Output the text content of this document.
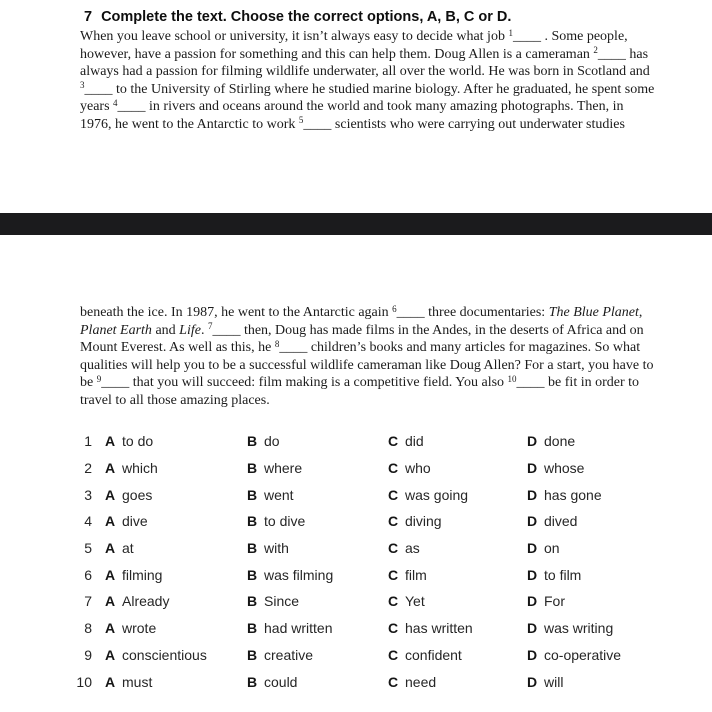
7 Complete the text. Choose the correct options, A, B, C or D.
When you leave school or university, it isn’t always easy to decide what job $^1$____ . Some people,
however, have a passion for something and this can help them. Doug Allen is a cameraman $^2$____ has
always had a passion for filming wildlife underwater, all over the world. He was born in Scotland and
$^3$____ to the University of Stirling where he studied marine biology. After he graduated, he spent some
years $^4$____ in rivers and oceans around the world and took many amazing photographs. Then, in
1976, he went to the Antarctic to work $^5$____ scientists who were carrying out underwater studies
beneath the ice. In 1987, he went to the Antarctic again $^6$____ three documentaries: The Blue Planet,
Planet Earth and Life. $^7$____ then, Doug has made films in the Andes, in the deserts of Africa and on
Mount Everest. As well as this, he $^8$____ children’s books and many articles for magazines. So what
qualities will help you to be a successful wildlife cameraman like Doug Allen? For a start, you have to
be $^9$____ that you will succeed: film making is a competitive field. You also $^{10}$____ be fit in order to
travel to all those amazing places.
1 A to do	B do	C did	D done
2 A which	B where	C who	D whose
3 A goes	B went	C was going	D has gone
4 A dive	B to dive	C diving	D dived
5 A at	B with	C as	D on
6 A filming	B was filming	C film	D to film
7 A Already	B Since	C Yet	D For
8 A wrote	B had written	C has written	D was writing
9 A conscientious	B creative	C confident	D co-operative
10 A must	B could	C need	D will
